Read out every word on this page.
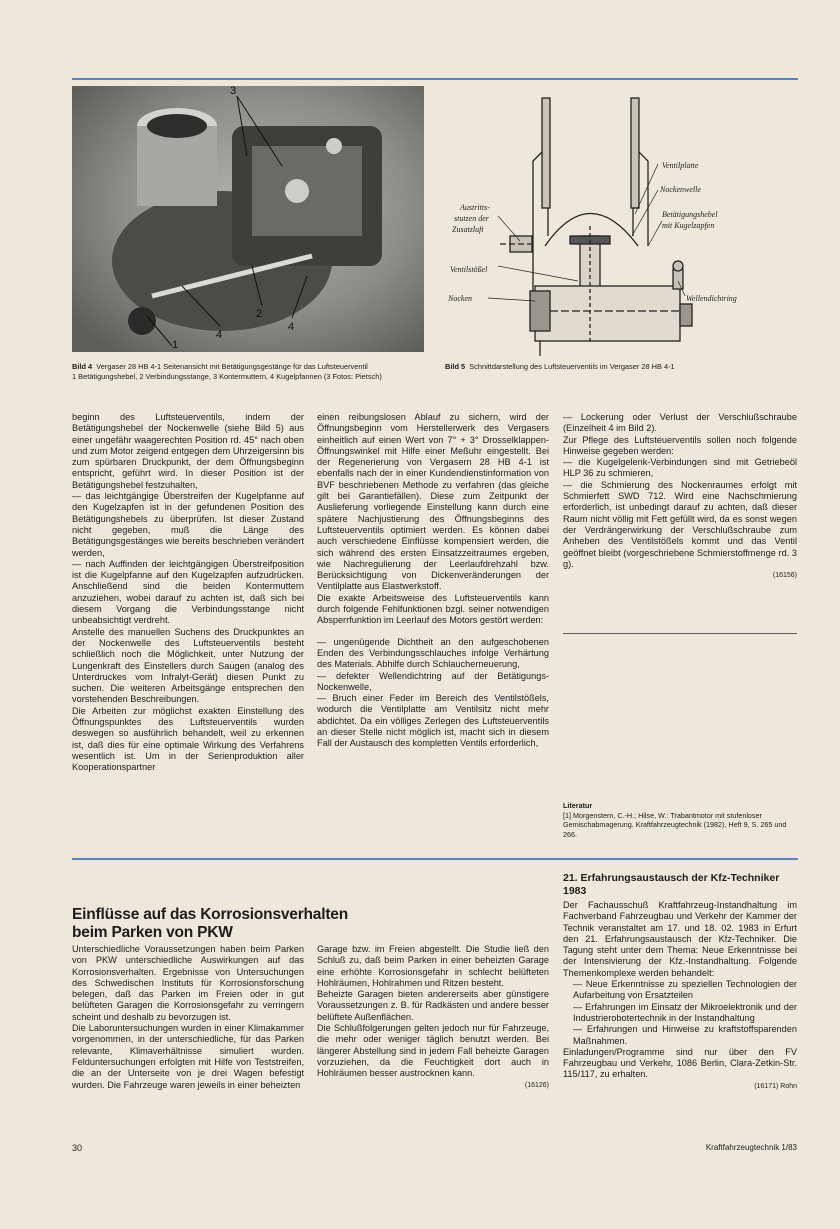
3
1
2
4
4
Ventilplatte
Nockenwelle
Betätigungshebel
mit Kugelzapfen
Austritts-
stutzen der
Zusatzluft
Ventilstößel
Nocken	Wellendichtring
Bild 4 Vergaser 28 HB 4-1 Seitenansicht mit Betätigungsgestänge für das Luftsteuerventil
1 Betätigungshebel, 2 Verbindungsstange, 3 Kontermuttern, 4 Kugelpfannen (3 Fotos: Pietsch)
Bild 5 Schnittdarstellung des Luftsteuerventils im Vergaser 28 HB 4-1

beginn des Luftsteuerventils, indem der Betätigungshebel der Nockenwelle (siehe Bild 5) aus einer ungefähr waagerechten Position rd. 45° nach oben und zum Motor zeigend entgegen dem Uhrzeigersinn bis zum spürbaren Druckpunkt, der dem Öffnungsbeginn entspricht, geführt wird. In dieser Position ist der Betätigungshebel festzuhalten,

— das leichtgängige Überstreifen der Kugelpfanne auf den Kugelzapfen ist in der gefundenen Position des Betätigungshebels zu überprüfen. Ist dieser Zustand nicht gegeben, muß die Länge des Betätigungsgestänges wie bereits beschrieben verändert werden,

— nach Auffinden der leichtgängigen Überstreifposition ist die Kugelpfanne auf den Kugelzapfen aufzudrücken. Anschließend sind die beiden Kontermuttern anzuziehen, wobei darauf zu achten ist, daß sich bei diesem Vorgang die Verbindungsstange nicht unbeabsichtigt verdreht.

Anstelle des manuellen Suchens des Druckpunktes an der Nockenwelle des Luftsteuerventils besteht schließlich noch die Möglichkeit, unter Nutzung der Lungenkraft des Einstellers durch Saugen (analog des Unterdruckes vom Infralyt-Gerät) diesen Punkt zu suchen. Die weiteren Arbeitsgänge entsprechen den vorstehenden Beschreibungen.

Die Arbeiten zur möglichst exakten Einstellung des Öffnungspunktes des Luftsteuerventils wurden deswegen so ausführlich behandelt, weil zu erkennen ist, daß dies für eine optimale Wirkung des Verfahrens wesentlich ist. Um in der Serienproduktion aller Kooperationspartner

einen reibungslosen Ablauf zu sichern, wird der Öffnungsbeginn vom Herstellerwerk des Vergasers einheitlich auf einen Wert von 7° + 3° Drosselklappen-Öffnungswinkel mit Hilfe einer Meßuhr eingestellt. Bei der Regenerierung von Vergasern 28 HB 4-1 ist ebenfalls nach der in einer Kundendienstinformation von BVF beschriebenen Methode zu verfahren (das gleiche gilt bei Garantiefällen). Diese zum Zeitpunkt der Auslieferung vorliegende Einstellung kann durch eine spätere Nachjustierung des Öffnungsbeginns des Luftsteuerventils optimiert werden. Es können dabei auch verschiedene Einflüsse kompensiert werden, die sich während des ersten Einsatzzeitraumes ergeben, wie Nachregulierung der Leerlaufdrehzahl bzw. Berücksichtigung von Dickenveränderungen der Ventilplatte aus Elastwerkstoff.

Die exakte Arbeitsweise des Luftsteuerventils kann durch folgende Fehlfunktionen bzgl. seiner notwendigen Absperrfunktion im Leerlauf des Motors gestört werden:

— ungenügende Dichtheit an den aufgeschobenen Enden des Verbindungsschlauches infolge Verhärtung des Materials. Abhilfe durch Schlaucherneuerung,

— defekter Wellendichtring auf der Betätigungs-Nockenwelle,

— Bruch einer Feder im Bereich des Ventilstößels, wodurch die Ventilplatte am Ventilsitz nicht mehr abdichtet. Da ein völliges Zerlegen des Luftsteuerventils an dieser Stelle nicht möglich ist, macht sich in diesem Fall der Austausch des kompletten Ventils erforderlich,

— Lockerung oder Verlust der Verschlußschraube (Einzelheit 4 im Bild 2).

Zur Pflege des Luftsteuerventils sollen noch folgende Hinweise gegeben werden:

— die Kugelgelenk-Verbindungen sind mit Getriebeöl HLP 36 zu schmieren,

— die Schmierung des Nockenraumes erfolgt mit Schmierfett SWD 712. Wird eine Nachschmierung erforderlich, ist unbedingt darauf zu achten, daß dieser Raum nicht völlig mit Fett gefüllt wird, da es sonst wegen der Verdrängerwirkung der Verschlußschraube zum Anheben des Ventilstößels kommt und das Ventil geöffnet bleibt (vorgeschriebene Schmierstoffmenge rd. 3 g).

(16156)
Literatur
[1] Morgenstern, C.-H.; Hilse, W.: Trabantmotor mit stufenloser Gemischabmagerung. Kraftfahrzeugtechnik (1982), Heft 9, S. 265 und 266.
Einflüsse auf das Korrosionsverhalten
beim Parken von PKW

Unterschiedliche Voraussetzungen haben beim Parken von PKW unterschiedliche Auswirkungen auf das Korrosionsverhalten. Ergebnisse von Untersuchungen des Schwedischen Instituts für Korrosionsforschung belegen, daß das Parken im Freien oder in gut belüfteten Garagen die Korrosionsgefahr zu verringern scheint und deshalb zu bevorzugen ist.

Die Laboruntersuchungen wurden in einer Klimakammer vorgenommen, in der unterschiedliche, für das Parken relevante, Klimaverhältnisse simuliert wurden. Felduntersuchungen erfolgten mit Hilfe von Teststreifen, die an der Unterseite von je drei Wagen befestigt wurden. Die Fahrzeuge waren jeweils in einer beheizten

Garage bzw. im Freien abgestellt. Die Studie ließ den Schluß zu, daß beim Parken in einer beheizten Garage eine erhöhte Korrosionsgefahr in schlecht belüfteten Hohlräumen, Hohlrahmen und Ritzen besteht.

Beheizte Garagen bieten andererseits aber günstigere Voraussetzungen z. B. für Radkästen und andere besser belüftete Außenflächen.

Die Schlußfolgerungen gelten jedoch nur für Fahrzeuge, die mehr oder weniger täglich benutzt werden. Bei längerer Abstellung sind in jedem Fall beheizte Garagen vorzuziehen, da die Feuchtigkeit dort auch in Hohlräumen besser austrocknen kann.

(16126)
21. Erfahrungsaustausch der Kfz-Techniker
1983

Der Fachausschuß Kraftfahrzeug-Instandhaltung im Fachverband Fahrzeugbau und Verkehr der Kammer der Technik veranstaltet am 17. und 18. 02. 1983 in Erfurt den 21. Erfahrungsaustausch der Kfz-Techniker. Die Tagung steht unter dem Thema: Neue Erkenntnisse bei der Intensivierung der Kfz.-Instandhaltung. Folgende Themenkomplexe werden behandelt:

— Neue Erkenntnisse zu speziellen Technologien der Aufarbeitung von Ersatzteilen

— Erfahrungen im Einsatz der Mikroelektronik und der Industrierobotertechnik in der Instandhaltung

— Erfahrungen und Hinweise zu kraftstoffsparenden Maßnahmen.

Einladungen/Programme sind nur über den FV Fahrzeugbau und Verkehr, 1086 Berlin, Clara-Zetkin-Str. 115/117, zu erhalten.

(16171) Rohn
30	Kraftfahrzeugtechnik 1/83
